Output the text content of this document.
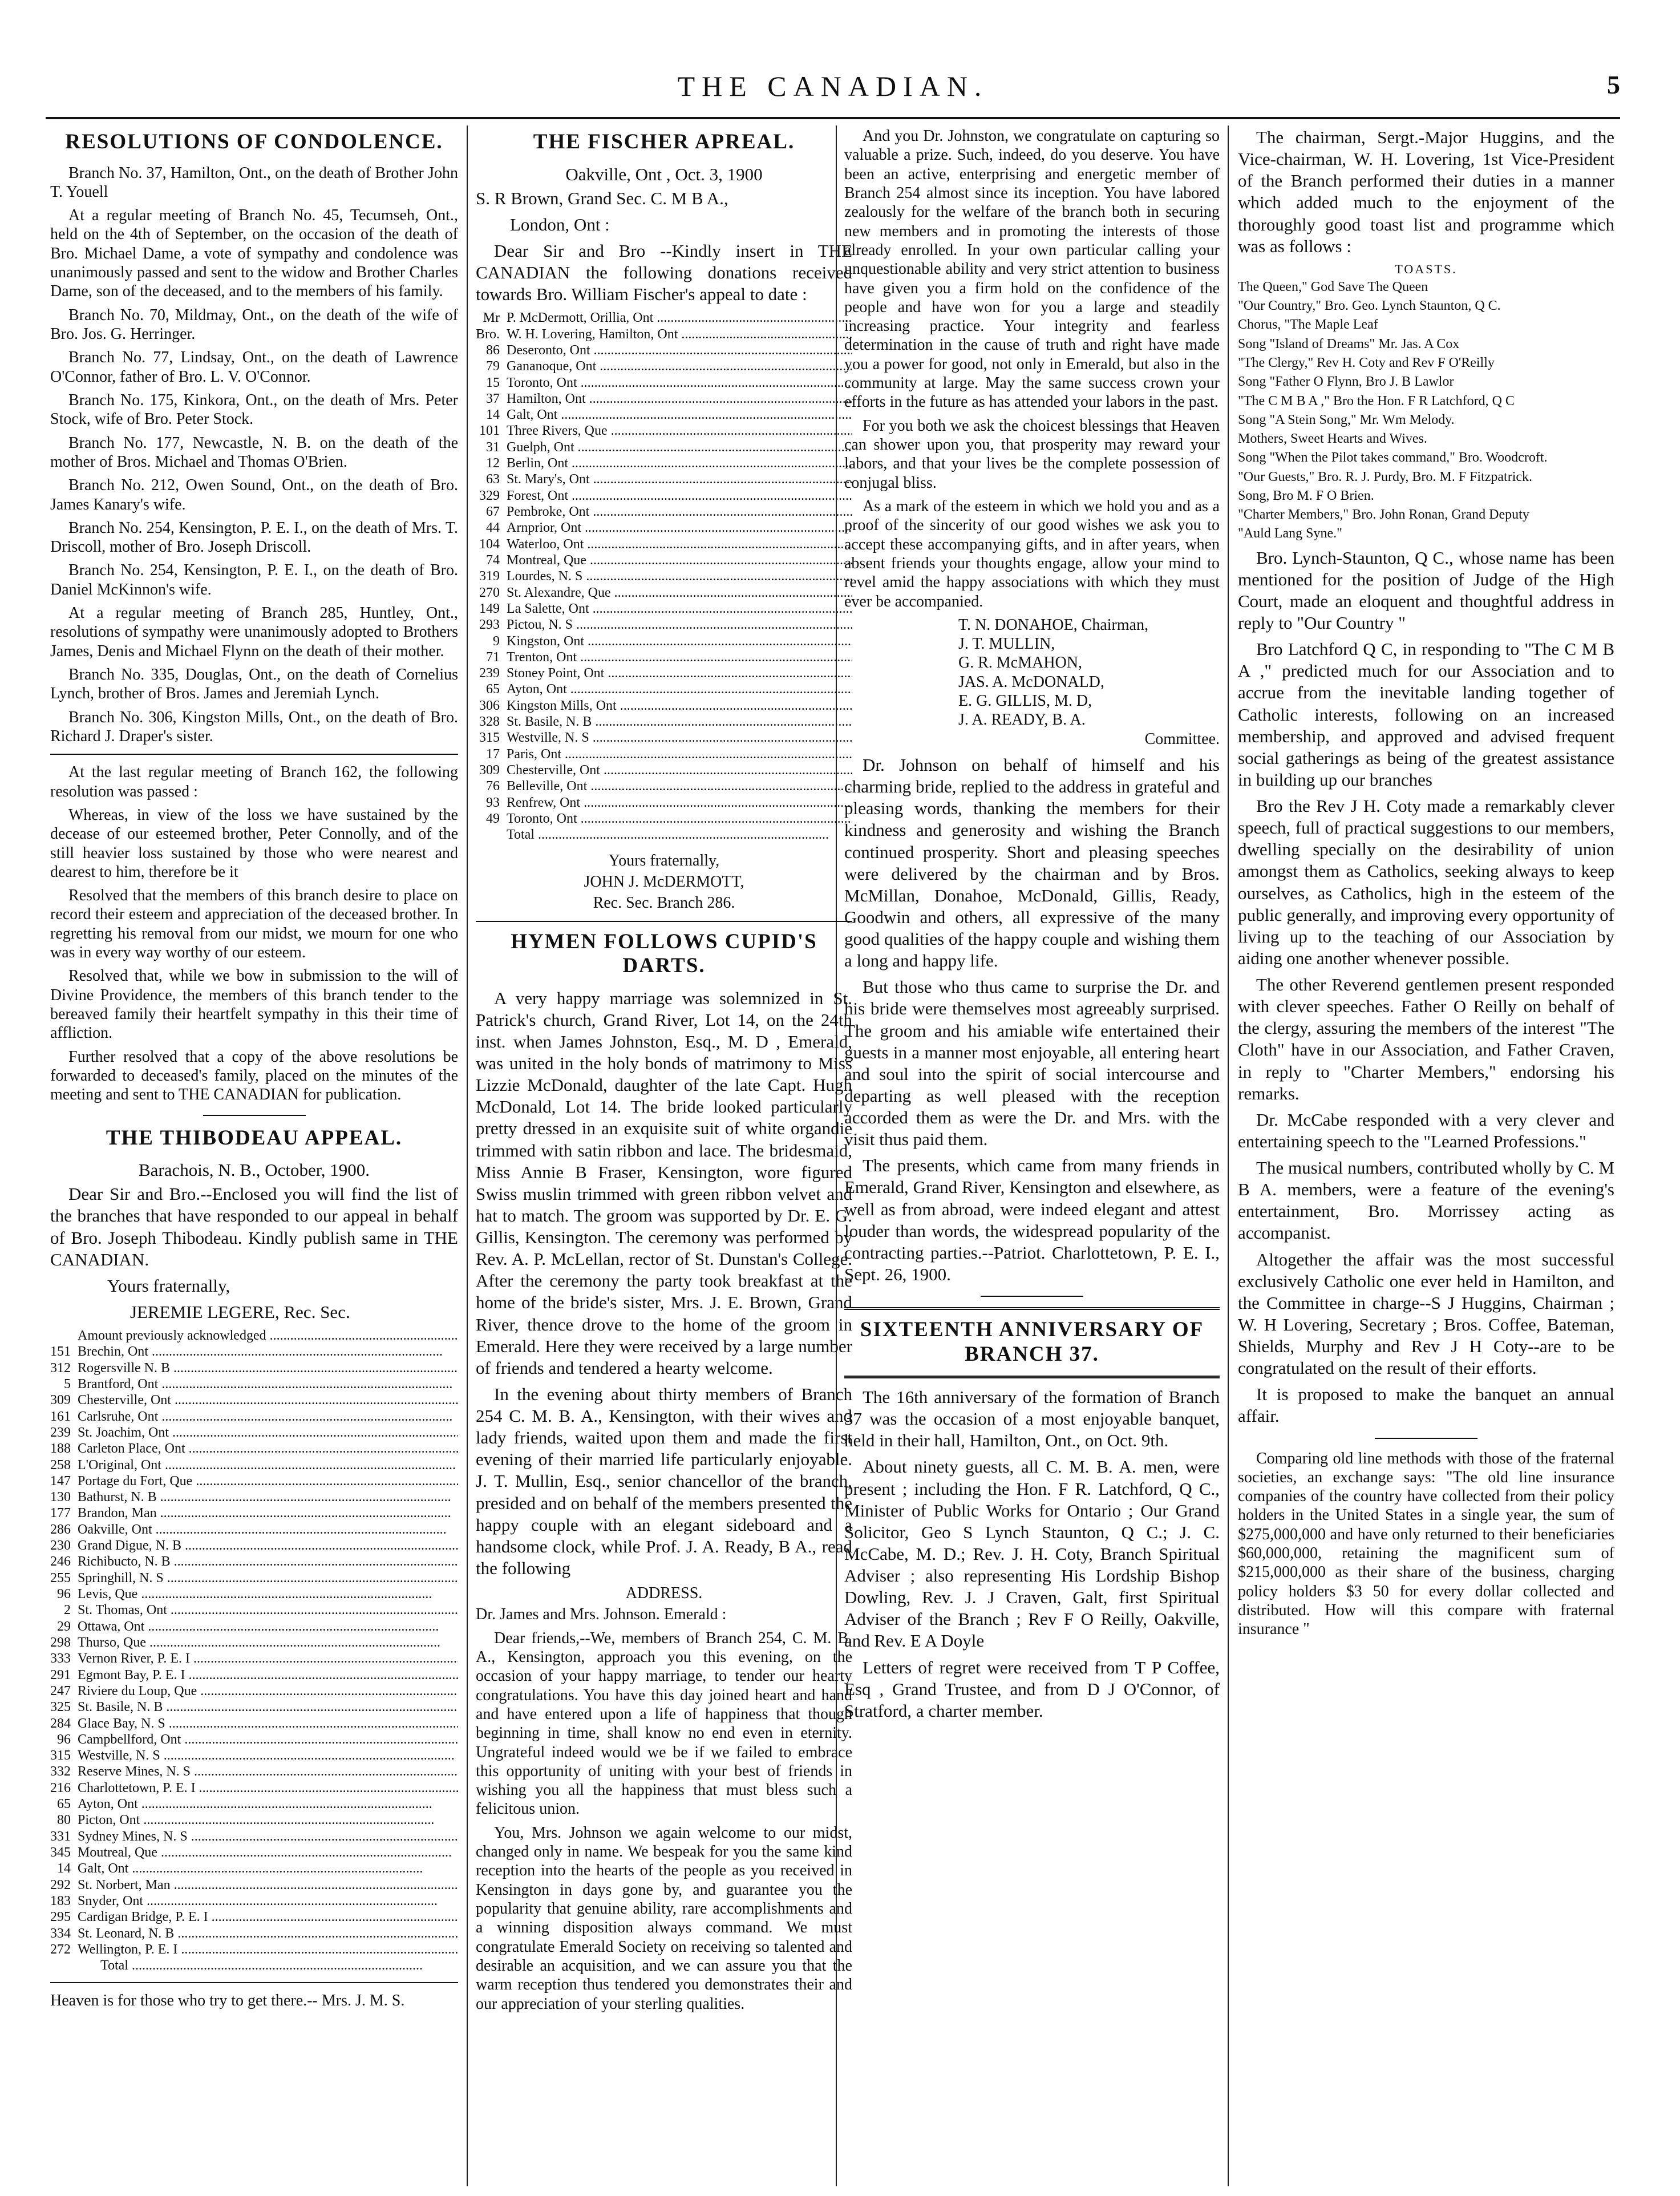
THE CANADIAN.	5
RESOLUTIONS OF CONDOLENCE.

Branch No. 37, Hamilton, Ont., on the death of Brother John T. Youell

At a regular meeting of Branch No. 45, Tecumseh, Ont., held on the 4th of September, on the occasion of the death of Bro. Michael Dame, a vote of sympathy and condolence was unanimously passed and sent to the widow and Brother Charles Dame, son of the deceased, and to the members of his family.

Branch No. 70, Mildmay, Ont., on the death of the wife of Bro. Jos. G. Herringer.

Branch No. 77, Lindsay, Ont., on the death of Lawrence O'Connor, father of Bro. L. V. O'Connor.

Branch No. 175, Kinkora, Ont., on the death of Mrs. Peter Stock, wife of Bro. Peter Stock.

Branch No. 177, Newcastle, N. B. on the death of the mother of Bros. Michael and Thomas O'Brien.

Branch No. 212, Owen Sound, Ont., on the death of Bro. James Kanary's wife.

Branch No. 254, Kensington, P. E. I., on the death of Mrs. T. Driscoll, mother of Bro. Joseph Driscoll.

Branch No. 254, Kensington, P. E. I., on the death of Bro. Daniel McKinnon's wife.

At a regular meeting of Branch 285, Huntley, Ont., resolutions of sympathy were unanimously adopted to Brothers James, Denis and Michael Flynn on the death of their mother.

Branch No. 335, Douglas, Ont., on the death of Cornelius Lynch, brother of Bros. James and Jeremiah Lynch.

Branch No. 306, Kingston Mills, Ont., on the death of Bro. Richard J. Draper's sister.

At the last regular meeting of Branch 162, the following resolution was passed :

Whereas, in view of the loss we have sustained by the decease of our esteemed brother, Peter Connolly, and of the still heavier loss sustained by those who were nearest and dearest to him, therefore be it

Resolved that the members of this branch desire to place on record their esteem and appreciation of the deceased brother. In regretting his removal from our midst, we mourn for one who was in every way worthy of our esteem.

Resolved that, while we bow in submission to the will of Divine Providence, the members of this branch tender to the bereaved family their heartfelt sympathy in this their time of affliction.

Further resolved that a copy of the above resolutions be forwarded to deceased's family, placed on the minutes of the meeting and sent to THE CANADIAN for publication.

THE THIBODEAU APPEAL.

Barachois, N. B., October, 1900.

Dear Sir and Bro.--Enclosed you will find the list of the branches that have responded to our appeal in behalf of Bro. Joseph Thibodeau. Kindly publish same in THE CANADIAN.

Yours fraternally,

JEREMIE LEGERE, Rec. Sec.

	Amount previously acknowledged .....	
151	Brechin, Ont .....	
312	Rogersville N. B .....	
5	Brantford, Ont .....	
309	Chesterville, Ont .....	
161	Carlsruhe, Ont .....	
239	St. Joachim, Ont .....	
188	Carleton Place, Ont .....	
258	L'Original, Ont .....	
147	Portage du Fort, Que .....	
130	Bathurst, N. B .....	
177	Brandon, Man .....	
286	Oakville, Ont .....	
230	Grand Digue, N. B .....	
246	Richibucto, N. B .....	
255	Springhill, N. S .....	
96	Levis, Que .....	
2	St. Thomas, Ont .....	
29	Ottawa, Ont .....	
298	Thurso, Que .....	
333	Vernon River, P. E. I .....	
291	Egmont Bay, P. E. I .....	
247	Riviere du Loup, Que .....	
325	St. Basile, N. B .....	
284	Glace Bay, N. S .....	
96	Campbellford, Ont .....	
315	Westville, N. S .....	
332	Reserve Mines, N. S .....	
216	Charlottetown, P. E. I .....	
65	Ayton, Ont .....	
80	Picton, Ont .....	
331	Sydney Mines, N. S .....	
345	Moutreal, Que .....	
14	Galt, Ont .....	
292	St. Norbert, Man .....	
183	Snyder, Ont .....	
295	Cardigan Bridge, P. E. I .....	
334	St. Leonard, N. B .....	
272	Wellington, P. E. I .....	
	Total .....	

Heaven is for those who try to get there.-- Mrs. J. M. S.

THE FISCHER APREAL.

Oakville, Ont , Oct. 3, 1900

S. R Brown, Grand Sec. C. M B A.,

London, Ont :

Dear Sir and Bro --Kindly insert in THE CANADIAN the following donations received towards Bro. William Fischer's appeal to date :

Mr	P. McDermott, Orillia, Ont .....	
Bro.	W. H. Lovering, Hamilton, Ont .....	
86	Deseronto, Ont .....	
79	Gananoque, Ont .....	
15	Toronto, Ont .....	
37	Hamilton, Ont .....	
14	Galt, Ont .....	
101	Three Rivers, Que .....	
31	Guelph, Ont .....	
12	Berlin, Ont .....	
63	St. Mary's, Ont .....	
329	Forest, Ont .....	
67	Pembroke, Ont .....	
44	Arnprior, Ont .....	
104	Waterloo, Ont .....	
74	Montreal, Que .....	
319	Lourdes, N. S .....	
270	St. Alexandre, Que .....	
149	La Salette, Ont .....	
293	Pictou, N. S .....	
9	Kingston, Ont .....	
71	Trenton, Ont .....	
239	Stoney Point, Ont .....	
65	Ayton, Ont .....	
306	Kingston Mills, Ont .....	
328	St. Basile, N. B .....	
315	Westville, N. S .....	
17	Paris, Ont .....	
309	Chesterville, Ont .....	
76	Belleville, Ont .....	
93	Renfrew, Ont .....	
49	Toronto, Ont .....	
	Total .....	

Yours fraternally,

JOHN J. McDERMOTT,

Rec. Sec. Branch 286.

HYMEN FOLLOWS CUPID'S DARTS.

A very happy marriage was solemnized in St. Patrick's church, Grand River, Lot 14, on the 24th inst. when James Johnston, Esq., M. D , Emerald, was united in the holy bonds of matrimony to Miss Lizzie McDonald, daughter of the late Capt. Hugh McDonald, Lot 14. The bride looked particularly pretty dressed in an exquisite suit of white organdie trimmed with satin ribbon and lace. The bridesmaid, Miss Annie B Fraser, Kensington, wore figured Swiss muslin trimmed with green ribbon velvet and hat to match. The groom was supported by Dr. E. G. Gillis, Kensington. The ceremony was performed by Rev. A. P. McLellan, rector of St. Dunstan's College. After the ceremony the party took breakfast at the home of the bride's sister, Mrs. J. E. Brown, Grand River, thence drove to the home of the groom in Emerald. Here they were received by a large number of friends and tendered a hearty welcome.

In the evening about thirty members of Branch 254 C. M. B. A., Kensington, with their wives and lady friends, waited upon them and made the first evening of their married life particularly enjoyable. J. T. Mullin, Esq., senior chancellor of the branch, presided and on behalf of the members presented the happy couple with an elegant sideboard and a handsome clock, while Prof. J. A. Ready, B A., read the following

ADDRESS.

Dr. James and Mrs. Johnson. Emerald :

Dear friends,--We, members of Branch 254, C. M. B. A., Kensington, approach you this evening, on the occasion of your happy marriage, to tender our hearty congratulations. You have this day joined heart and hand and have entered upon a life of happiness that though beginning in time, shall know no end even in eternity. Ungrateful indeed would we be if we failed to embrace this opportunity of uniting with your best of friends in wishing you all the happiness that must bless such a felicitous union.

You, Mrs. Johnson we again welcome to our midst, changed only in name. We bespeak for you the same kind reception into the hearts of the people as you received in Kensington in days gone by, and guarantee you the popularity that genuine ability, rare accomplishments and a winning disposition always command. We must congratulate Emerald Society on receiving so talented and desirable an acquisition, and we can assure you that the warm reception thus tendered you demonstrates their and our appreciation of your sterling qualities.

And you Dr. Johnston, we congratulate on capturing so valuable a prize. Such, indeed, do you deserve. You have been an active, enterprising and energetic member of Branch 254 almost since its inception. You have labored zealously for the welfare of the branch both in securing new members and in promoting the interests of those already enrolled. In your own particular calling your unquestionable ability and very strict attention to business have given you a firm hold on the confidence of the people and have won for you a large and steadily increasing practice. Your integrity and fearless determination in the cause of truth and right have made you a power for good, not only in Emerald, but also in the community at large. May the same success crown your efforts in the future as has attended your labors in the past.

For you both we ask the choicest blessings that Heaven can shower upon you, that prosperity may reward your labors, and that your lives be the complete possession of conjugal bliss.

As a mark of the esteem in which we hold you and as a proof of the sincerity of our good wishes we ask you to accept these accompanying gifts, and in after years, when absent friends your thoughts engage, allow your mind to revel amid the happy associations with which they must ever be accompanied.

T. N. DONAHOE, Chairman,

J. T. MULLIN,

G. R. McMAHON,

JAS. A. McDONALD,

E. G. GILLIS, M. D,

J. A. READY, B. A.

Committee.

Dr. Johnson on behalf of himself and his charming bride, replied to the address in grateful and pleasing words, thanking the members for their kindness and generosity and wishing the Branch continued prosperity. Short and pleasing speeches were delivered by the chairman and by Bros. McMillan, Donahoe, McDonald, Gillis, Ready, Goodwin and others, all expressive of the many good qualities of the happy couple and wishing them a long and happy life.

But those who thus came to surprise the Dr. and his bride were themselves most agreeably surprised. The groom and his amiable wife entertained their guests in a manner most enjoyable, all entering heart and soul into the spirit of social intercourse and departing as well pleased with the reception accorded them as were the Dr. and Mrs. with the visit thus paid them.

The presents, which came from many friends in Emerald, Grand River, Kensington and elsewhere, as well as from abroad, were indeed elegant and attest louder than words, the widespread popularity of the contracting parties.--Patriot. Charlottetown, P. E. I., Sept. 26, 1900.

SIXTEENTH ANNIVERSARY OF BRANCH 37.

The 16th anniversary of the formation of Branch 37 was the occasion of a most enjoyable banquet, held in their hall, Hamilton, Ont., on Oct. 9th.

About ninety guests, all C. M. B. A. men, were present ; including the Hon. F R. Latchford, Q C., Minister of Public Works for Ontario ; Our Grand Solicitor, Geo S Lynch Staunton, Q C.; J. C. McCabe, M. D.; Rev. J. H. Coty, Branch Spiritual Adviser ; also representing His Lordship Bishop Dowling, Rev. J. J Craven, Galt, first Spiritual Adviser of the Branch ; Rev F O Reilly, Oakville, and Rev. E A Doyle

Letters of regret were received from T P Coffee, Esq , Grand Trustee, and from D J O'Connor, of Stratford, a charter member.

The chairman, Sergt.-Major Huggins, and the Vice-chairman, W. H. Lovering, 1st Vice-President of the Branch performed their duties in a manner which added much to the enjoyment of the thoroughly good toast list and programme which was as follows :

TOASTS.

The Queen," God Save The Queen

"Our Country," Bro. Geo. Lynch Staunton, Q C.

Chorus, "The Maple Leaf

Song "Island of Dreams" Mr. Jas. A Cox

"The Clergy," Rev H. Coty and Rev F O'Reilly

Song "Father O Flynn, Bro J. B Lawlor

"The C M B A ," Bro the Hon. F R Latchford, Q C

Song "A Stein Song," Mr. Wm Melody.

Mothers, Sweet Hearts and Wives.

Song "When the Pilot takes command," Bro. Woodcroft.

"Our Guests," Bro. R. J. Purdy, Bro. M. F Fitzpatrick.

Song, Bro M. F O Brien.

"Charter Members," Bro. John Ronan, Grand Deputy

"Auld Lang Syne."

Bro. Lynch-Staunton, Q C., whose name has been mentioned for the position of Judge of the High Court, made an eloquent and thoughtful address in reply to "Our Country "

Bro Latchford Q C, in responding to "The C M B A ," predicted much for our Association and to accrue from the inevitable landing together of Catholic interests, following on an increased membership, and approved and advised frequent social gatherings as being of the greatest assistance in building up our branches

Bro the Rev J H. Coty made a remarkably clever speech, full of practical suggestions to our members, dwelling specially on the desirability of union amongst them as Catholics, seeking always to keep ourselves, as Catholics, high in the esteem of the public generally, and improving every opportunity of living up to the teaching of our Association by aiding one another whenever possible.

The other Reverend gentlemen present responded with clever speeches. Father O Reilly on behalf of the clergy, assuring the members of the interest "The Cloth" have in our Association, and Father Craven, in reply to "Charter Members," endorsing his remarks.

Dr. McCabe responded with a very clever and entertaining speech to the "Learned Professions."

The musical numbers, contributed wholly by C. M B A. members, were a feature of the evening's entertainment, Bro. Morrissey acting as accompanist.

Altogether the affair was the most successful exclusively Catholic one ever held in Hamilton, and the Committee in charge--S J Huggins, Chairman ; W. H Lovering, Secretary ; Bros. Coffee, Bateman, Shields, Murphy and Rev J H Coty--are to be congratulated on the result of their efforts.

It is proposed to make the banquet an annual affair.

Comparing old line methods with those of the fraternal societies, an exchange says: "The old line insurance companies of the country have collected from their policy holders in the United States in a single year, the sum of $275,000,000 and have only returned to their beneficiaries $60,000,000, retaining the magnificent sum of $215,000,000 as their share of the business, charging policy holders $3 50 for every dollar collected and distributed. How will this compare with fraternal insurance "
